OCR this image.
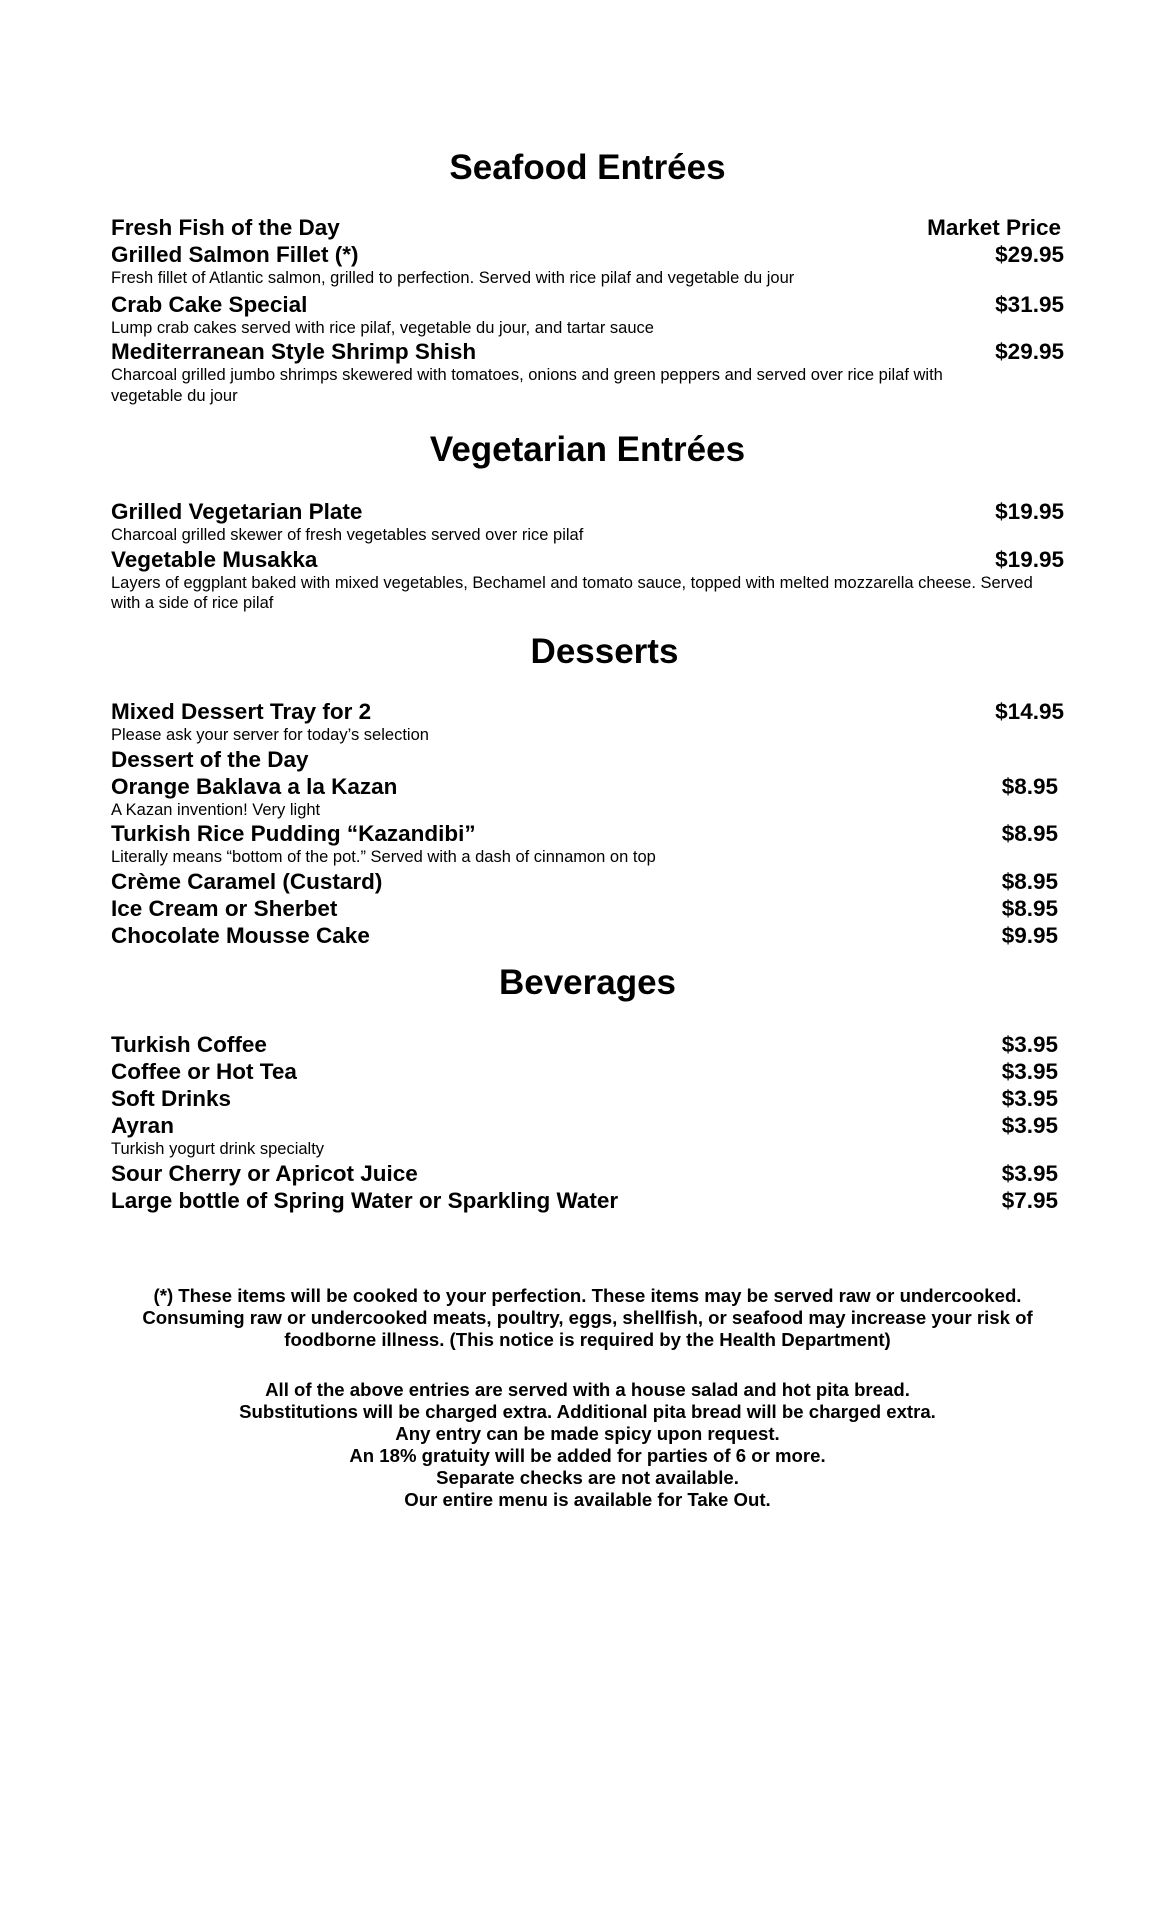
Seafood Entrées
Fresh Fish of the Day	Market Price
Grilled Salmon Fillet (*)	$29.95
Fresh fillet of Atlantic salmon, grilled to perfection. Served with rice pilaf and vegetable du jour
Crab Cake Special	$31.95
Lump crab cakes served with rice pilaf, vegetable du jour, and tartar sauce
Mediterranean Style Shrimp Shish	$29.95
Charcoal grilled jumbo shrimps skewered with tomatoes, onions and green peppers and served over rice pilaf with vegetable du jour
Vegetarian Entrées
Grilled Vegetarian Plate	$19.95
Charcoal grilled skewer of fresh vegetables served over rice pilaf
Vegetable Musakka	$19.95
Layers of eggplant baked with mixed vegetables, Bechamel and tomato sauce, topped with melted mozzarella cheese. Served with a side of rice pilaf
Desserts
Mixed Dessert Tray for 2	$14.95
Please ask your server for today’s selection
Dessert of the Day
Orange Baklava a la Kazan	$8.95
A Kazan invention! Very light
Turkish Rice Pudding “Kazandibi”	$8.95
Literally means “bottom of the pot.” Served with a dash of cinnamon on top
Crème Caramel (Custard)	$8.95
Ice Cream or Sherbet	$8.95
Chocolate Mousse Cake	$9.95
Beverages
Turkish Coffee	$3.95
Coffee or Hot Tea	$3.95
Soft Drinks	$3.95
Ayran	$3.95
Turkish yogurt drink specialty
Sour Cherry or Apricot Juice	$3.95
Large bottle of Spring Water or Sparkling Water	$7.95

(*) These items will be cooked to your perfection. These items may be served raw or undercooked. Consuming raw or undercooked meats, poultry, eggs, shellfish, or seafood may increase your risk of foodborne illness. (This notice is required by the Health Department)

All of the above entries are served with a house salad and hot pita bread.

Substitutions will be charged extra. Additional pita bread will be charged extra.

Any entry can be made spicy upon request.

An 18% gratuity will be added for parties of 6 or more.

Separate checks are not available.

Our entire menu is available for Take Out.
